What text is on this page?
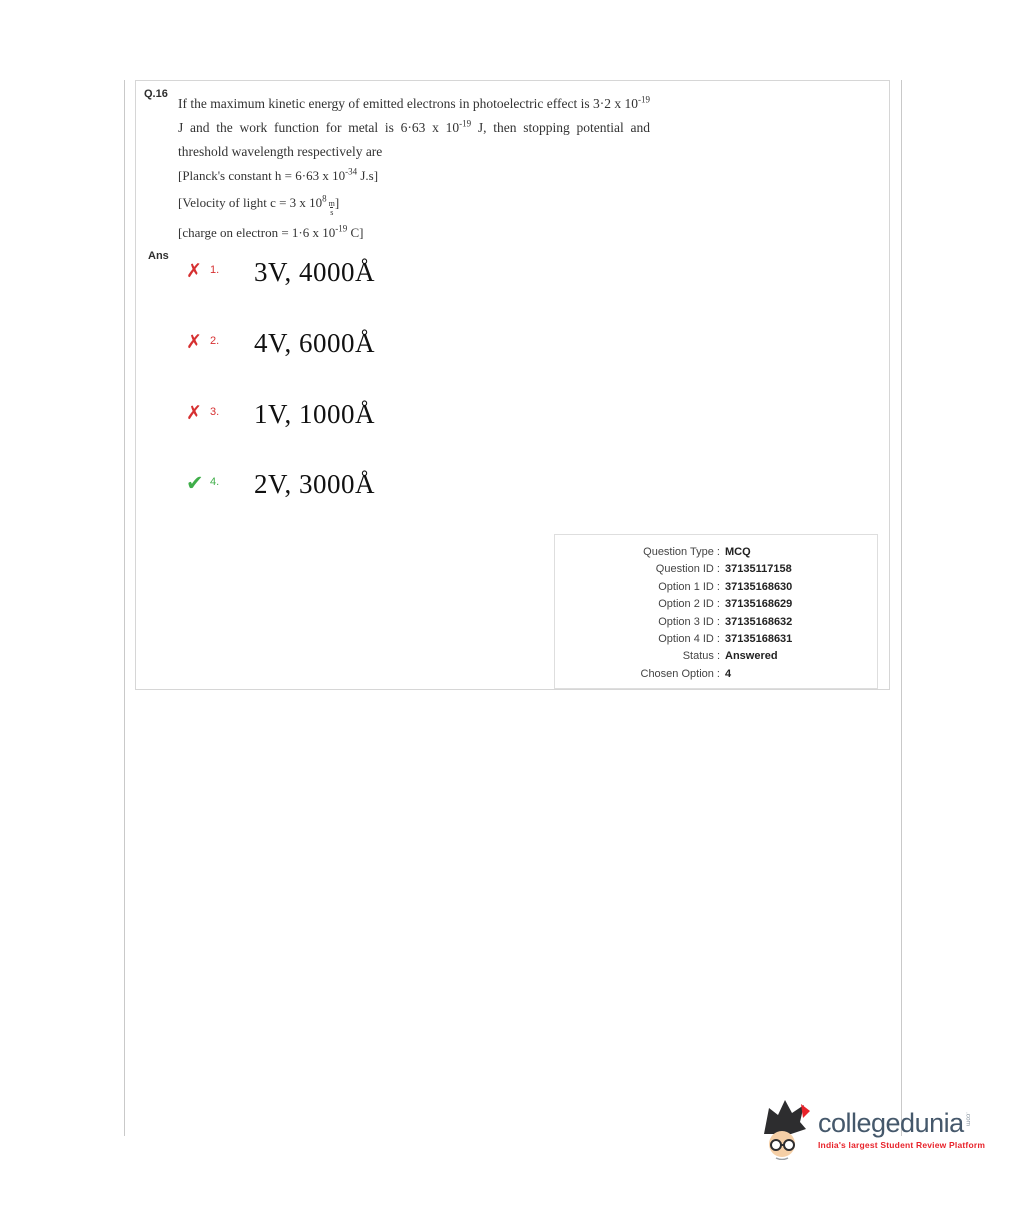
Q.16

If the maximum kinetic energy of emitted electrons in photoelectric effect is 3·2 x $10^{-19}$ J and the work function for metal is 6·63 x $10^{-19}$ J, then stopping potential and threshold wavelength respectively are

[Planck's constant h = 6·63 x $10^{-34}$ J.s]
[Velocity of light c = 3 x $10^8$
$\frac{m}{s}$ ]
[charge on electron = 1·6 x $10^{-19}$ C]
Ans
✗ 1.	3V, 4000Å
✗ 2.	4V, 6000Å
✗ 3.	1V, 1000Å
✔ 4.	2V, 3000Å
Question Type : MCQ
Question ID : 37135117158
Option 1 ID : 37135168630
Option 2 ID : 37135168629
Option 3 ID : 37135168632
Option 4 ID : 37135168631
Status : Answered
Chosen Option : 4
collegedunia .com
India's largest Student Review Platform
